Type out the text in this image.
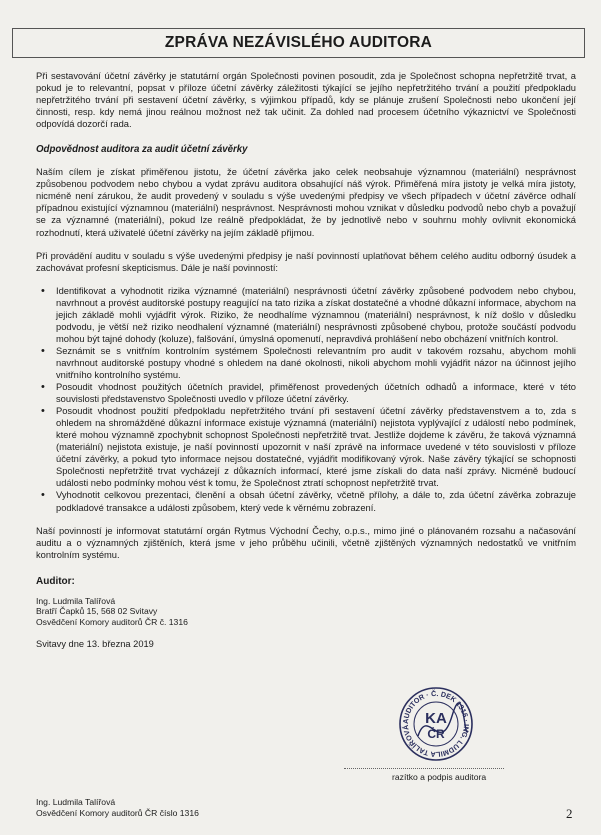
ZPRÁVA NEZÁVISLÉHO AUDITORA

Při sestavování účetní závěrky je statutární orgán Společnosti povinen posoudit, zda je Společnost schopna nepřetržitě trvat, a pokud je to relevantní, popsat v příloze účetní závěrky záležitosti týkající se jejího nepřetržitého trvání a použití předpokladu nepřetržitého trvání při sestavení účetní závěrky, s výjimkou případů, kdy se plánuje zrušení Společnosti nebo ukončení její činnosti, resp. kdy nemá jinou reálnou možnost než tak učinit. Za dohled nad procesem účetního výkaznictví ve Společnosti odpovídá dozorčí rada.

Odpovědnost auditora za audit účetní závěrky

Naším cílem je získat přiměřenou jistotu, že účetní závěrka jako celek neobsahuje významnou (materiální) nesprávnost způsobenou podvodem nebo chybou a vydat zprávu auditora obsahující náš výrok. Přiměřená míra jistoty je velká míra jistoty, nicméně není zárukou, že audit provedený v souladu s výše uvedenými předpisy ve všech případech v účetní závěrce odhalí případnou existující významnou (materiální) nesprávnost. Nesprávnosti mohou vznikat v důsledku podvodů nebo chyb a považují se za významné (materiální), pokud lze reálně předpokládat, že by jednotlivě nebo v souhrnu mohly ovlivnit ekonomická rozhodnutí, která uživatelé účetní závěrky na jejím základě přijmou.

Při provádění auditu v souladu s výše uvedenými předpisy je naší povinností uplatňovat během celého auditu odborný úsudek a zachovávat profesní skepticismus. Dále je naší povinností:

• Identifikovat a vyhodnotit rizika významné (materiální) nesprávnosti účetní závěrky způsobené podvodem nebo chybou, navrhnout a provést auditorské postupy reagující na tato rizika a získat dostatečné a vhodné důkazní informace, abychom na jejich základě mohli vyjádřit výrok. Riziko, že neodhalíme významnou (materiální) nesprávnost, k níž došlo v důsledku podvodu, je větší než riziko neodhalení významné (materiální) nesprávnosti způsobené chybou, protože součástí podvodu mohou být tajné dohody (koluze), falšování, úmyslná opomenutí, nepravdivá prohlášení nebo obcházení vnitřních kontrol.
• Seznámit se s vnitřním kontrolním systémem Společnosti relevantním pro audit v takovém rozsahu, abychom mohli navrhnout auditorské postupy vhodné s ohledem na dané okolnosti, nikoli abychom mohli vyjádřit názor na účinnost jejího vnitřního kontrolního systému.
• Posoudit vhodnost použitých účetních pravidel, přiměřenost provedených účetních odhadů a informace, které v této souvislosti představenstvo Společnosti uvedlo v příloze účetní závěrky.
• Posoudit vhodnost použití předpokladu nepřetržitého trvání při sestavení účetní závěrky představenstvem a to, zda s ohledem na shromážděné důkazní informace existuje významná (materiální) nejistota vyplývající z událostí nebo podmínek, které mohou významně zpochybnit schopnost Společnosti nepřetržitě trvat. Jestliže dojdeme k závěru, že taková významná (materiální) nejistota existuje, je naší povinností upozornit v naší zprávě na informace uvedené v této souvislosti v příloze účetní závěrky, a pokud tyto informace nejsou dostatečné, vyjádřit modifikovaný výrok. Naše závěry týkající se schopnosti Společnosti nepřetržitě trvat vycházejí z důkazních informací, které jsme získali do data naší zprávy. Nicméně budoucí události nebo podmínky mohou vést k tomu, že Společnost ztratí schopnost nepřetržitě trvat.
• Vyhodnotit celkovou prezentaci, členění a obsah účetní závěrky, včetně přílohy, a dále to, zda účetní závěrka zobrazuje podkladové transakce a události způsobem, který vede k věrnému zobrazení.

Naší povinností je informovat statutární orgán Rytmus Východní Čechy, o.p.s., mimo jiné o plánovaném rozsahu a načasování auditu a o významných zjištěních, která jsme v jeho průběhu učinili, včetně zjištěných významných nedostatků ve vnitřním kontrolním systému.

Auditor:
Ing. Ludmila Talířová
Bratří Čapků 15, 568 02 Svitavy
Osvědčení Komory auditorů ČR č. 1316
Svitavy dne 13. března 2019
AUDITOR · Č. DEK 1316 · ING. LUDMILA TALÍŘOVÁ
KA
ČR
razítko a podpis auditora
Ing. Ludmila Talířová
Osvědčení Komory auditorů ČR číslo 1316	2
